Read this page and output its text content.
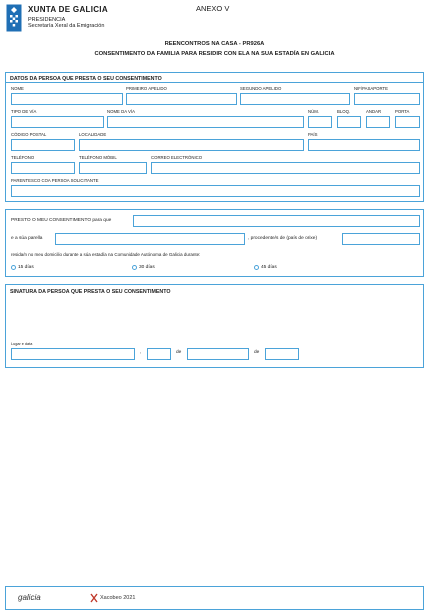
XUNTA DE GALICIA
PRESIDENCIA
Secretaría Xeral da Emigración
ANEXO V
REENCONTROS NA CASA - PR926A
CONSENTIMENTO DA FAMILIA PARA RESIDIR CON ELA NA SUA ESTADÍA EN GALICIA
DATOS DA PERSOA QUE PRESTA O SEU CONSENTIMENTO
NOME	PRIMEIRO APELIDO	SEGUNDO APELIDO	NIF/PASAPORTE
TIPO DE VÍA	NOME DA VÍA	NÚM.	BLOQ.	ANDAR	PORTA
CÓDIGO POSTAL	LOCALIDADE	PAÍS
TELÉFONO	TELÉFONO MÓBIL	CORREO ELECTRÓNICO
PARENTESCO COA PERSOA SOLICITANTE
PRESTO O MEU CONSENTIMENTO para que
e a súa parella	, procedente/s de (país de orixe)
resida/n no meu domicilio durante a súa estadía na Comunidade Autónoma de Galicia durante:
15 días	30 días	45 días
SINATURA DA PERSOA QUE PRESTA O SEU CONSENTIMENTO
Lugar e data
,	de	de
galicia	Xacobeo 2021
